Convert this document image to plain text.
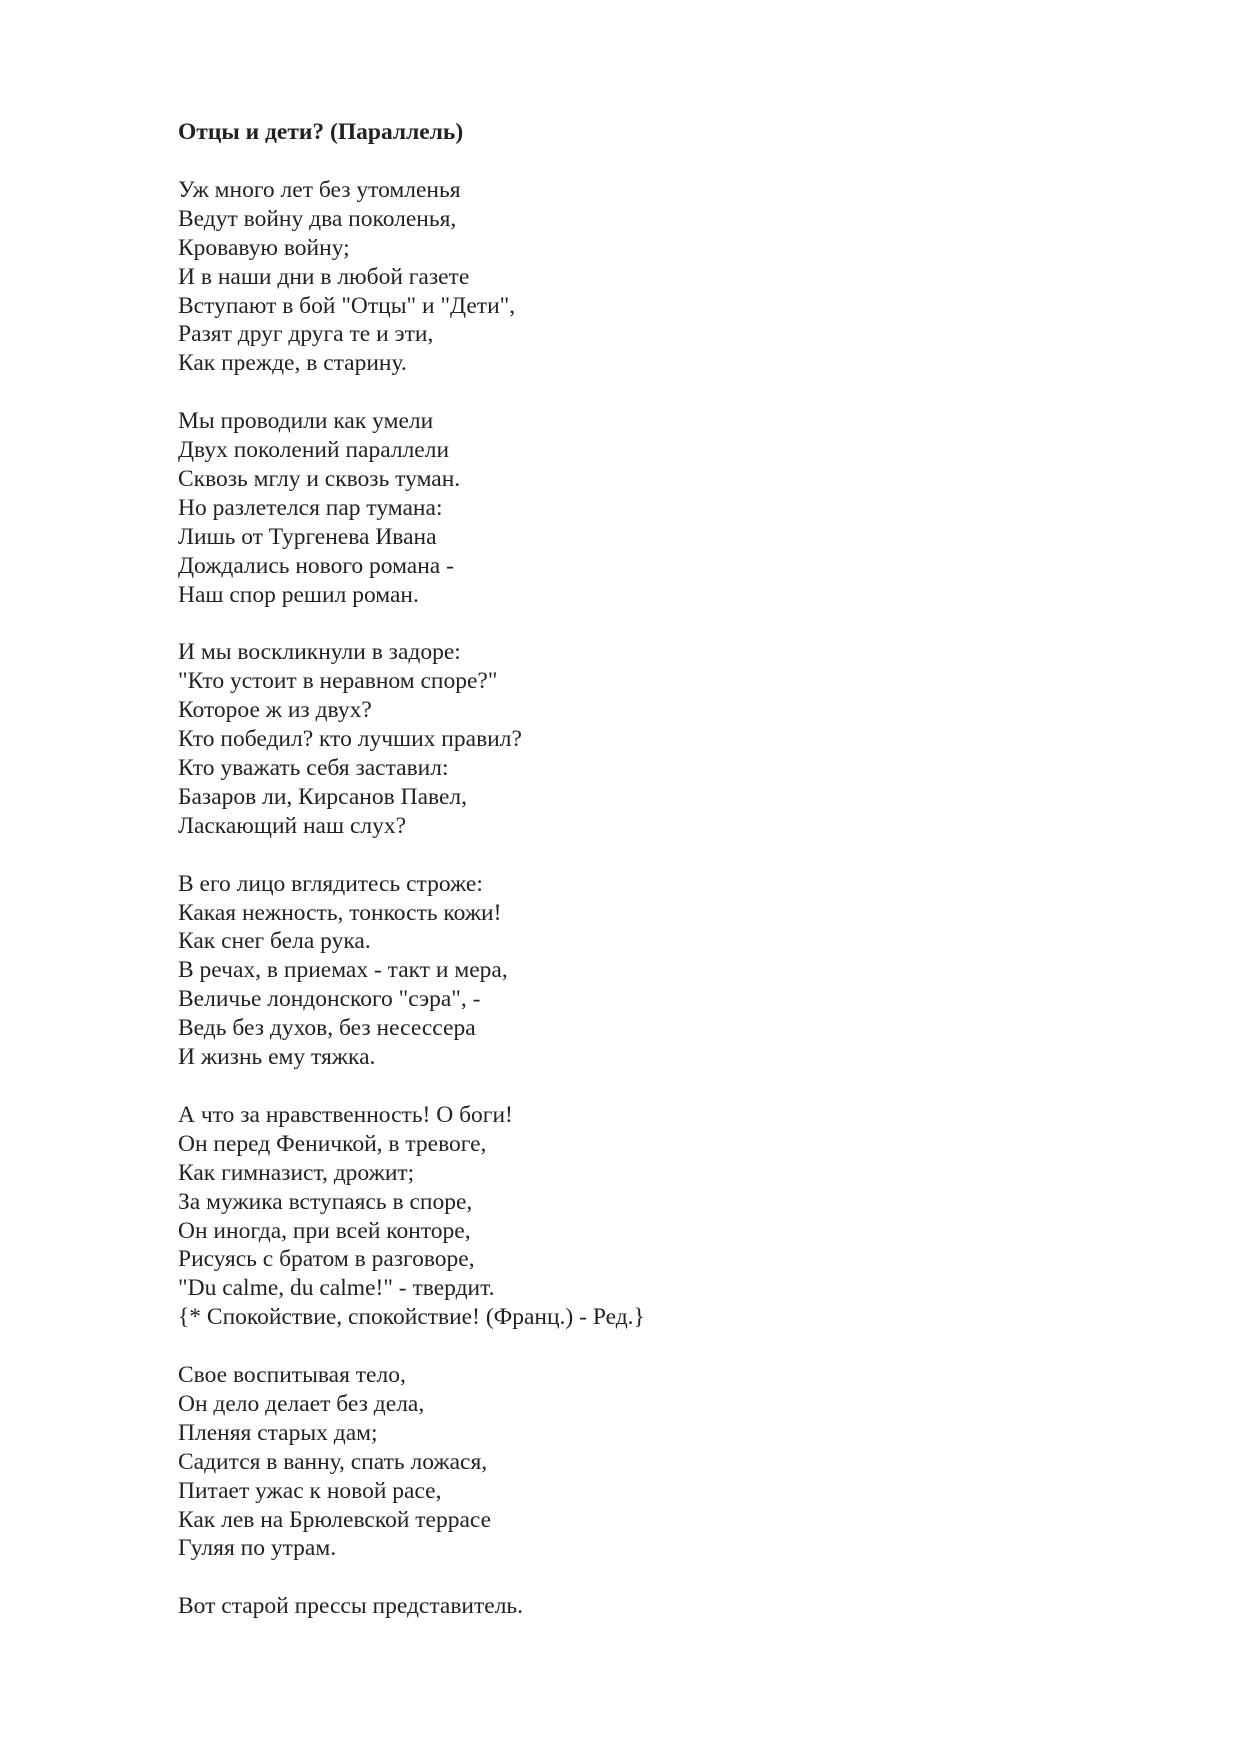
Отцы и дети? (Параллель)
Уж много лет без утомленья
Ведут войну два поколенья,
Кровавую войну;
И в наши дни в любой газете
Вступают в бой "Отцы" и "Дети",
Разят друг друга те и эти,
Как прежде, в старину.
Мы проводили как умели
Двух поколений параллели
Сквозь мглу и сквозь туман.
Но разлетелся пар тумана:
Лишь от Тургенева Ивана
Дождались нового романа -
Наш спор решил роман.
И мы воскликнули в задоре:
"Кто устоит в неравном споре?"
Которое ж из двух?
Кто победил? кто лучших правил?
Кто уважать себя заставил:
Базаров ли, Кирсанов Павел,
Ласкающий наш слух?
В его лицо вглядитесь строже:
Какая нежность, тонкость кожи!
Как снег бела рука.
В речах, в приемах - такт и мера,
Величье лондонского "сэра", -
Ведь без духов, без несессера
И жизнь ему тяжка.
А что за нравственность! О боги!
Он перед Феничкой, в тревоге,
Как гимназист, дрожит;
За мужика вступаясь в споре,
Он иногда, при всей конторе,
Рисуясь с братом в разговоре,
"Du calme, du calme!" - твердит.
{* Спокойствие, спокойствие! (Франц.) - Ред.}
Свое воспитывая тело,
Он дело делает без дела,
Пленяя старых дам;
Садится в ванну, спать ложася,
Питает ужас к новой расе,
Как лев на Брюлевской террасе
Гуляя по утрам.
Вот старой прессы представитель.
